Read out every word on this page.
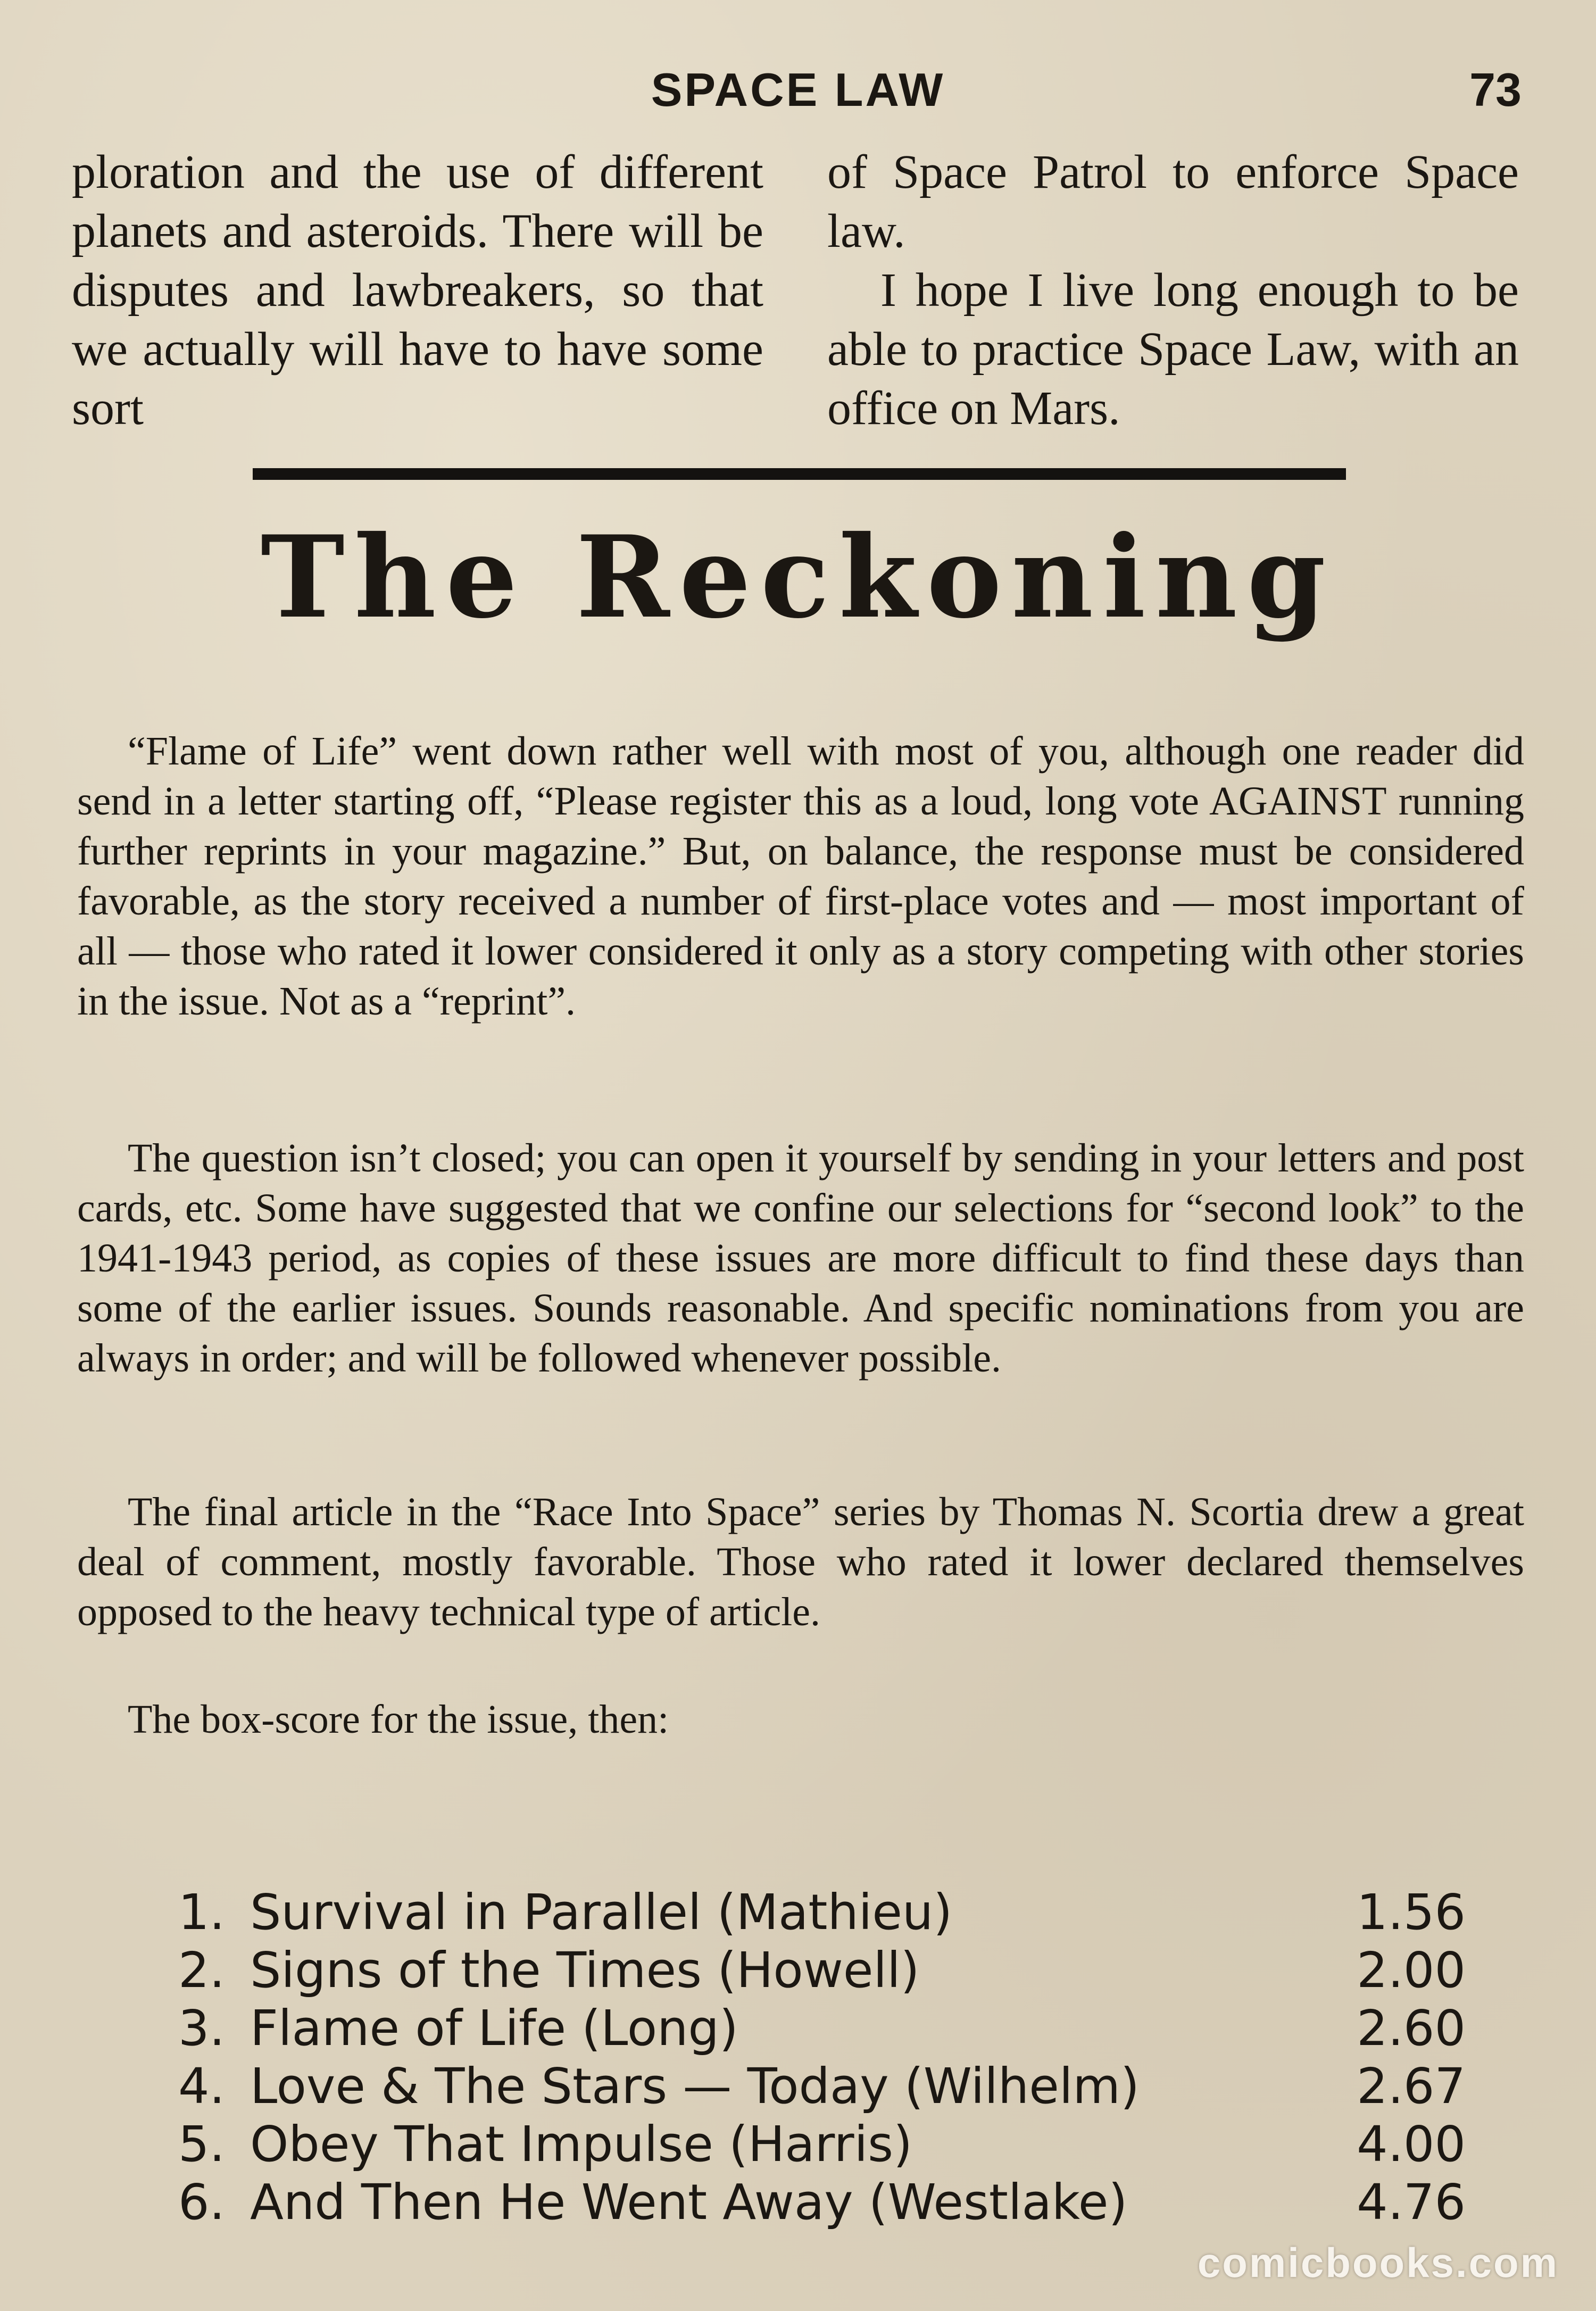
SPACE LAW	73

ploration and the use of different planets and asteroids. There will be disputes and lawbreakers, so that we actually will have to have some sort

of Space Patrol to enforce Space law.

I hope I live long enough to be able to practice Space Law, with an office on Mars.

The Reckoning

“Flame of Life” went down rather well with most of you, although one reader did send in a letter starting off, “Please register this as a loud, long vote AGAINST running further reprints in your magazine.” But, on balance, the response must be considered favorable, as the story received a number of first-place votes and — most important of all — those who rated it lower considered it only as a story competing with other stories in the issue. Not as a “reprint”.

The question isn’t closed; you can open it yourself by sending in your letters and post cards, etc. Some have suggested that we confine our selections for “second look” to the 1941-1943 period, as copies of these issues are more difficult to find these days than some of the earlier issues. Sounds reasonable. And specific nominations from you are always in order; and will be followed whenever possible.

The final article in the “Race Into Space” series by Thomas N. Scortia drew a great deal of comment, mostly favorable. Those who rated it lower declared themselves opposed to the heavy technical type of article.

The box-score for the issue, then:

1. Survival in Parallel (Mathieu)	1.56
2. Signs of the Times (Howell)	2.00
3. Flame of Life (Long)	2.60
4. Love & The Stars — Today (Wilhelm)	2.67
5. Obey That Impulse (Harris)	4.00
6. And Then He Went Away (Westlake)	4.76
comicbooks.com
